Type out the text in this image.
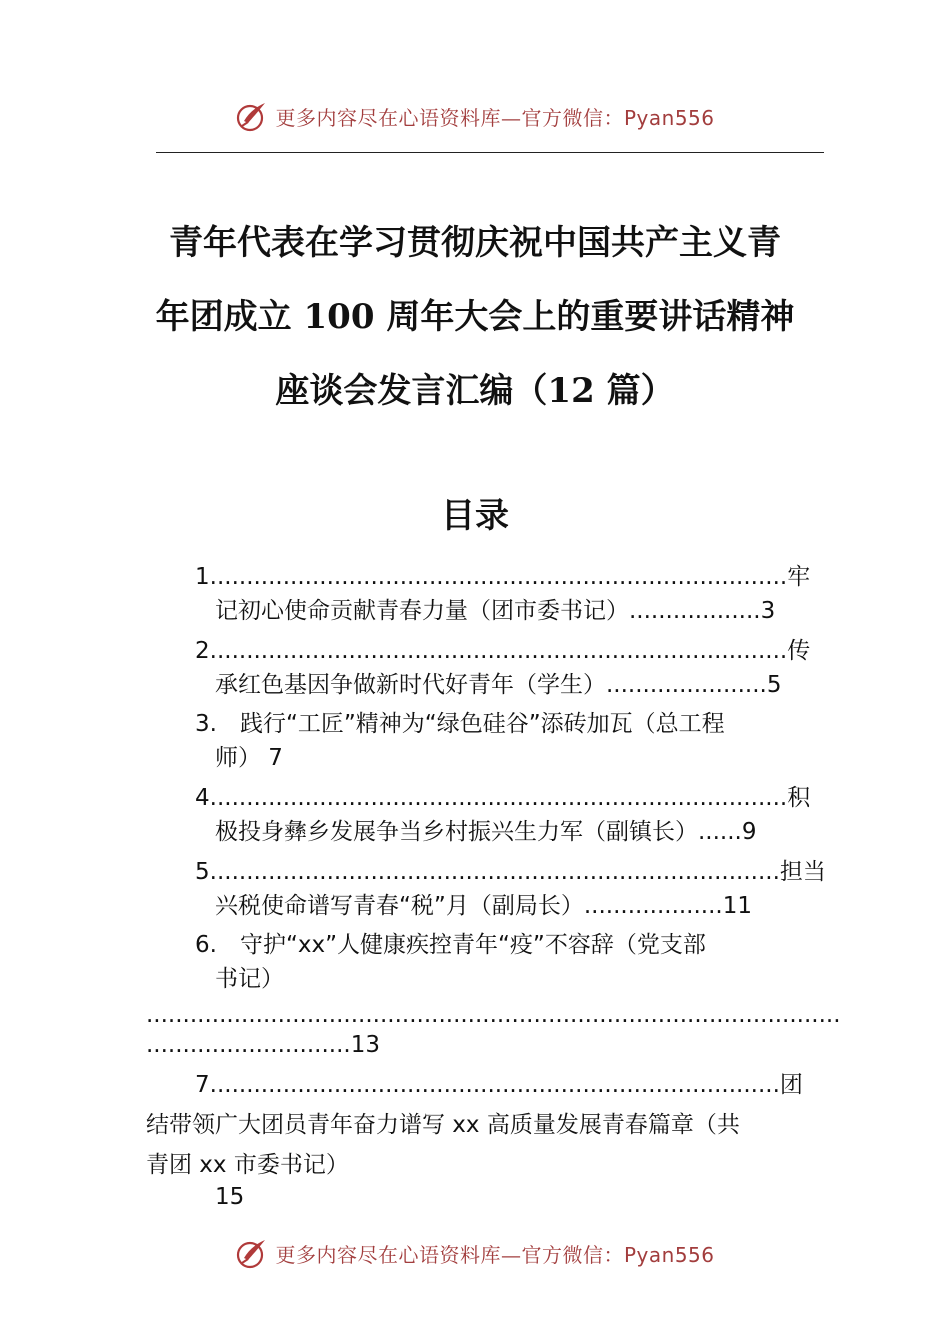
更多内容尽在心语资料库—官方微信：Pyan556
青年代表在学习贯彻庆祝中国共产主义青
年团成立 100 周年大会上的重要讲话精神
座谈会发言汇编（12 篇）
目录
1...............................................................................牢
记初心使命贡献青春力量（团市委书记）..................3
2...............................................................................传
承红色基因争做新时代好青年（学生）......................5
3.　践行“工匠”精神为“绿色硅谷”添砖加瓦（总工程
师） 7
4...............................................................................积
极投身彝乡发展争当乡村振兴生力军（副镇长）......9
5..............................................................................担当
兴税使命谱写青春“税”月（副局长）...................11
6.　守护“xx”人健康疾控青年“疫”不容辞（党支部
书记）
...............................................................................................
............................13
7..............................................................................团
结带领广大团员青年奋力谱写 xx 高质量发展青春篇章（共
青团 xx 市委书记）
15
更多内容尽在心语资料库—官方微信：Pyan556
